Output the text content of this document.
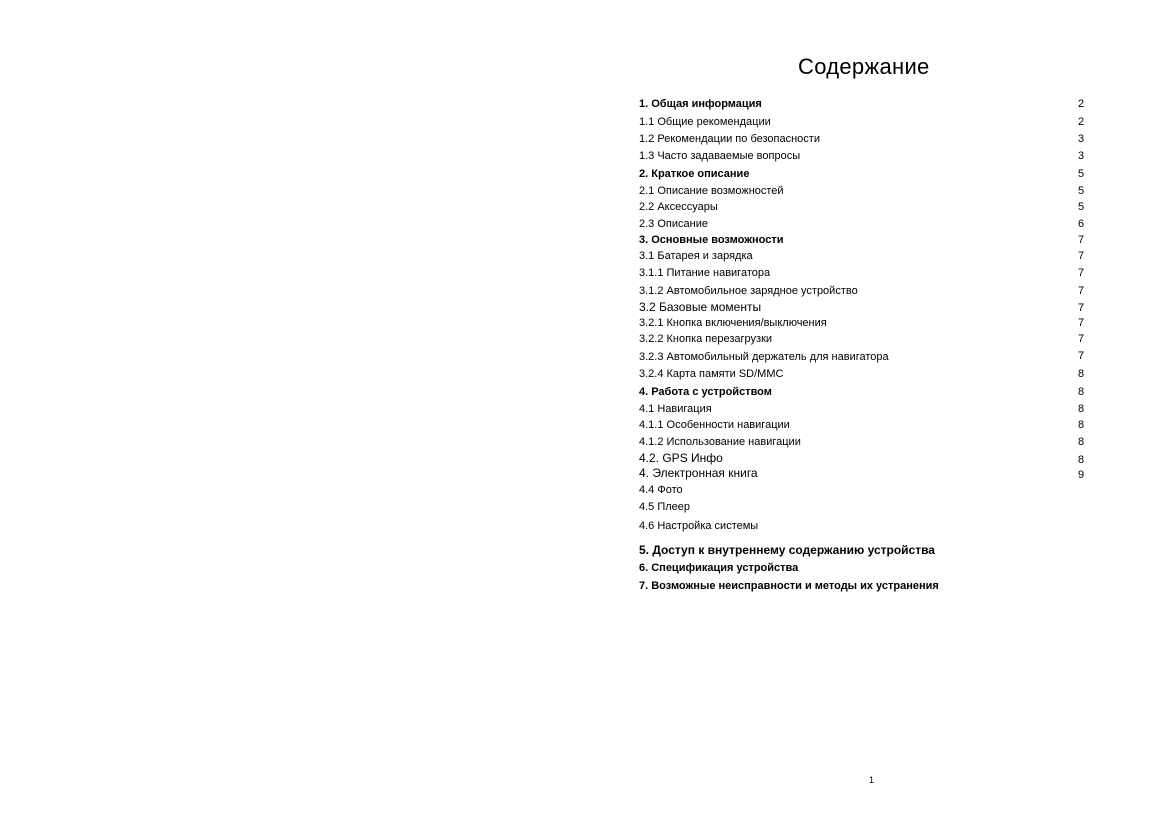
Содержание
1. Общая информация	2
1.1 Общие рекомендации	2
1.2 Рекомендации по безопасности	3
1.3 Часто задаваемые вопросы	3
2. Краткое описание	5
2.1 Описание возможностей	5
2.2 Аксессуары	5
2.3 Описание	6
3. Основные возможности	7
3.1 Батарея и зарядка	7
3.1.1 Питание навигатора	7
3.1.2 Автомобильное зарядное устройство	7
3.2 Базовые моменты	7
3.2.1 Кнопка включения/выключения	7
3.2.2 Кнопка перезагрузки	7
3.2.3 Автомобильный держатель для навигатора	7
3.2.4 Карта памяти SD/MMC	8
4. Работа с устройством	8
4.1 Навигация	8
4.1.1 Особенности навигации	8
4.1.2 Использование навигации	8
4.2. GPS Инфо	8
4. Электронная книга	9
4.4 Фото
4.5 Плеер
4.6 Настройка системы
5. Доступ к внутреннему содержанию устройства
6. Спецификация устройства
7. Возможные неисправности и методы их устранения
1
